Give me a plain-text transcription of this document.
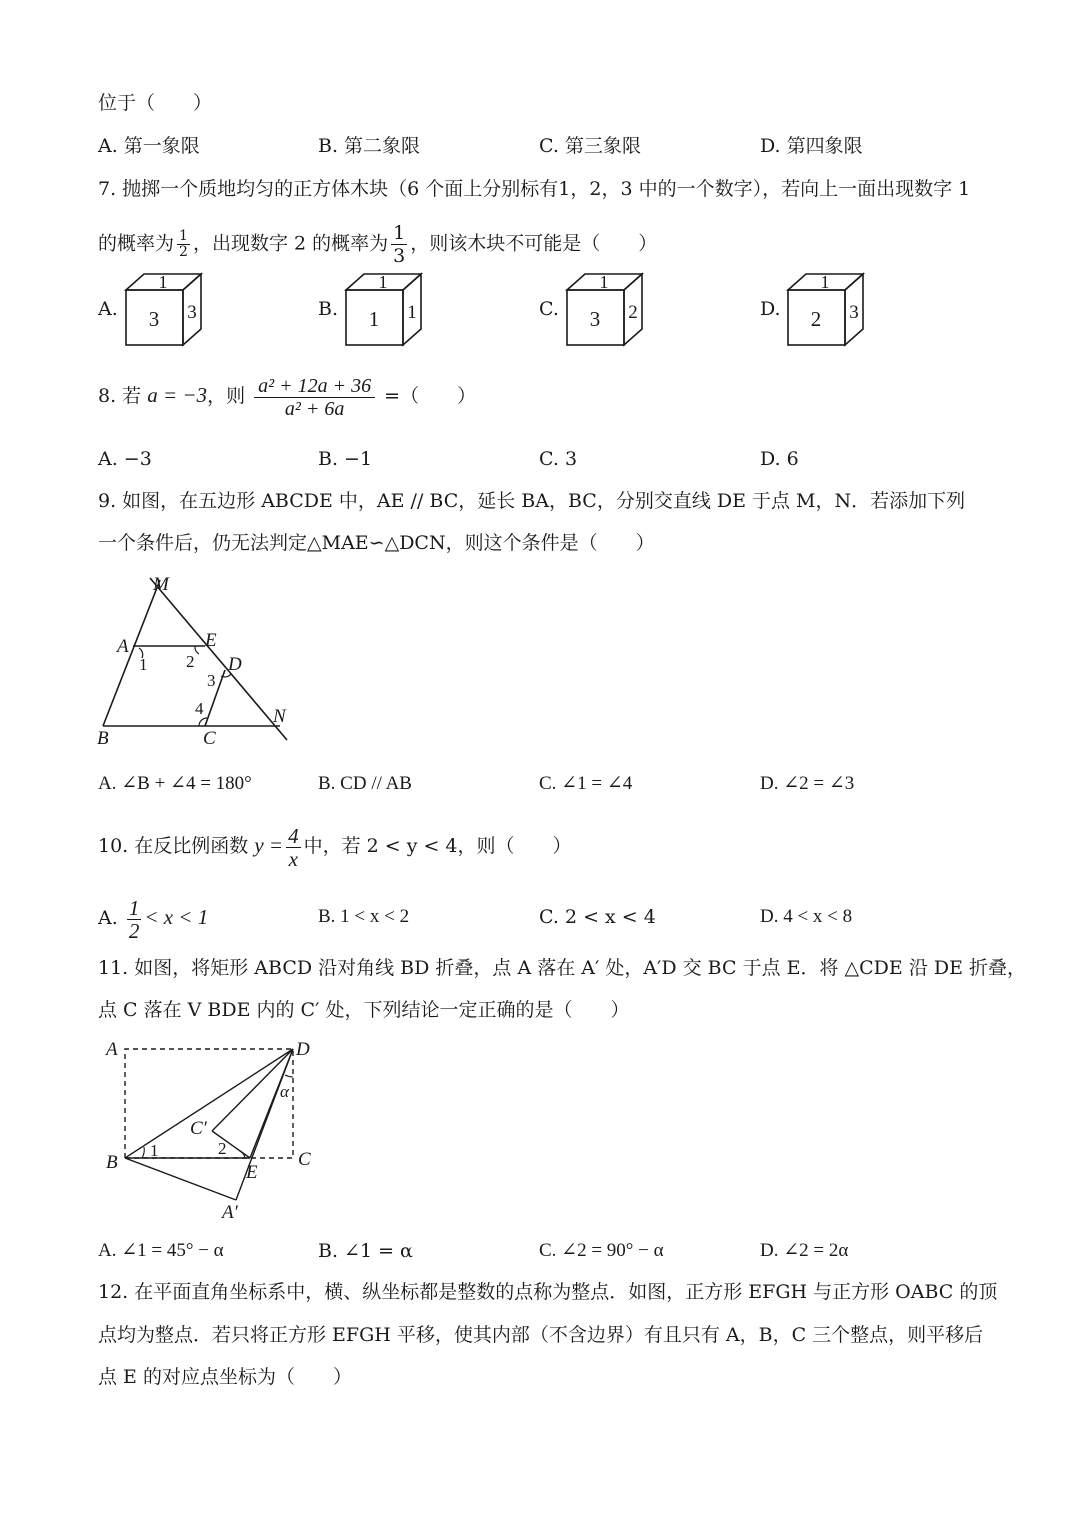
位于（　　）
A. 第一象限	B. 第二象限	C. 第三象限	D. 第四象限
7. 抛掷一个质地均匀的正方体木块（6 个面上分别标有1，2，3 中的一个数字），若向上一面出现数字 1
的概率为 $\frac{1}{2}$ ，出现数字 2 的概率为 $\frac{1}{3}$ ，则该木块不可能是（　　）
A.
1
3 3	B.
1
1 1	C.
1
3 2	D.
1
2 3
8. 若 a = −3，则 $\frac{\text{a² + 12a + 36}}{\text{a² + 6a}}$ =（　　）
A. −3	B. −1	C. 3	D. 6
9. 如图，在五边形 ABCDE 中，AE // BC，延长 BA，BC，分别交直线 DE 于点 M，N．若添加下列
一个条件后，仍无法判定△MAE∽△DCN，则这个条件是（　　）
M
A	E
D
B	C
N
1 2
3
4
A. ∠B + ∠4 = 180°	B. CD // AB	C. ∠1 = ∠4	D. ∠2 = ∠3
10. 在反比例函数 $y = \frac{4}{x}$ 中，若 2 < y < 4，则（　　）
A. $\frac{1}{2} < x < 1$	B. 1 < x < 2	C. 2 < x < 4	D. 4 < x < 8
11. 如图，将矩形 ABCD 沿对角线 BD 折叠，点 A 落在 A′ 处，A′D 交 BC 于点 E．将 △CDE 沿 DE 折叠，
点 C 落在 V BDE 内的 C′ 处，下列结论一定正确的是（　　）
A	D
α
C′
B	C
E
A′
2
1
A. ∠1 = 45° − α	B. ∠1 = α	C. ∠2 = 90° − α	D. ∠2 = 2α
12. 在平面直角坐标系中，横、纵坐标都是整数的点称为整点．如图，正方形 EFGH 与正方形 OABC 的顶
点均为整点．若只将正方形 EFGH 平移，使其内部（不含边界）有且只有 A，B，C 三个整点，则平移后
点 E 的对应点坐标为（　　）
